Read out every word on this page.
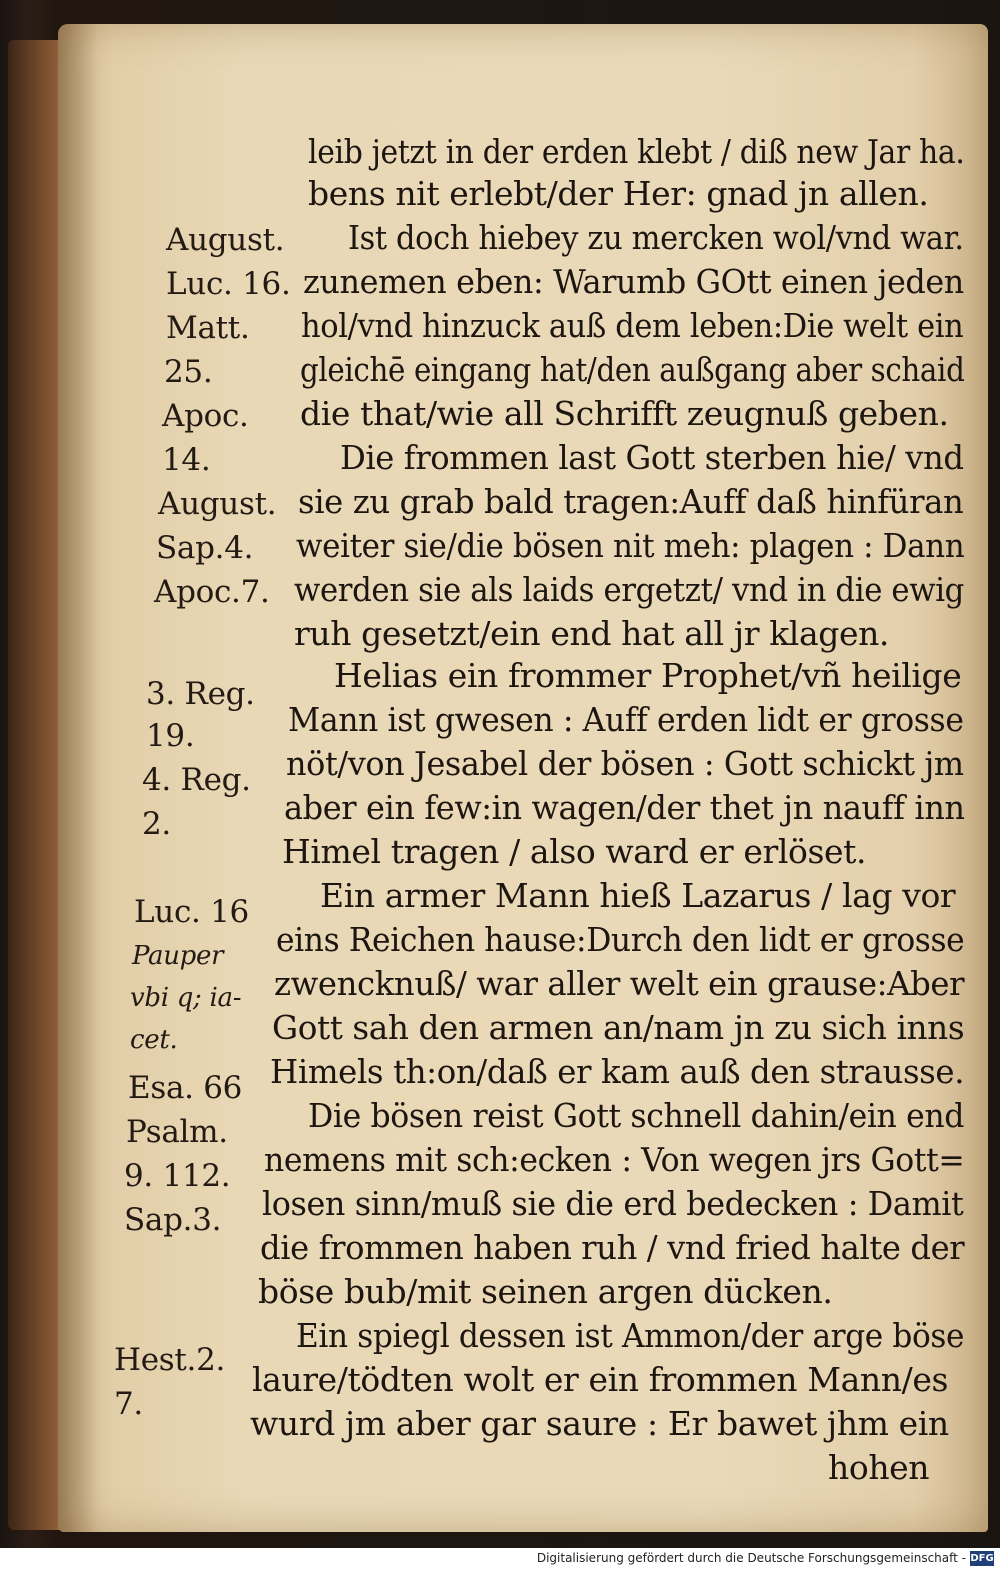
leib jetzt in der erden klebt / diß new Jar ha.
bens nit erlebt/der Her: gnad jn allen.
Ist doch hiebey zu mercken wol/vnd war.
zunemen eben: Warumb GOtt einen jeden
hol/vnd hinzuck auß dem leben:Die welt ein
gleichē eingang hat/den außgang aber schaid
die that/wie all Schrifft zeugnuß geben.
Die frommen last Gott sterben hie/ vnd
sie zu grab bald tragen:Auff daß hinfüran
weiter sie/die bösen nit meh: plagen : Dann
werden sie als laids ergetzt/ vnd in die ewig
ruh gesetzt/ein end hat all jr klagen.
Helias ein frommer Prophet/vñ heilige
Mann ist gwesen : Auff erden lidt er grosse
nöt/von Jesabel der bösen : Gott schickt jm
aber ein few:in wagen/der thet jn nauff inn
Himel tragen / also ward er erlöset.
Ein armer Mann hieß Lazarus / lag vor
eins Reichen hause:Durch den lidt er grosse
zwencknuß/ war aller welt ein grause:Aber
Gott sah den armen an/nam jn zu sich inns
Himels th:on/daß er kam auß den strausse.
Die bösen reist Gott schnell dahin/ein end
nemens mit sch:ecken : Von wegen jrs Gott=
losen sinn/muß sie die erd bedecken : Damit
die frommen haben ruh / vnd fried halte der
böse bub/mit seinen argen dücken.
Ein spiegl dessen ist Ammon/der arge böse
laure/tödten wolt er ein frommen Mann/es
wurd jm aber gar saure : Er bawet jhm ein
hohen
August.
Luc. 16.
Matt.
25.
Apoc.
14.
August.
Sap.4.
Apoc.7.
3. Reg.
19.
4. Reg.
2.
Luc. 16
Pauper
vbi q; ia-
cet.
Esa. 66
Psalm.
9. 112.
Sap.3.
Hest.2.
7.
Digitalisierung gefördert durch die Deutsche Forschungsgemeinschaft - DFG
